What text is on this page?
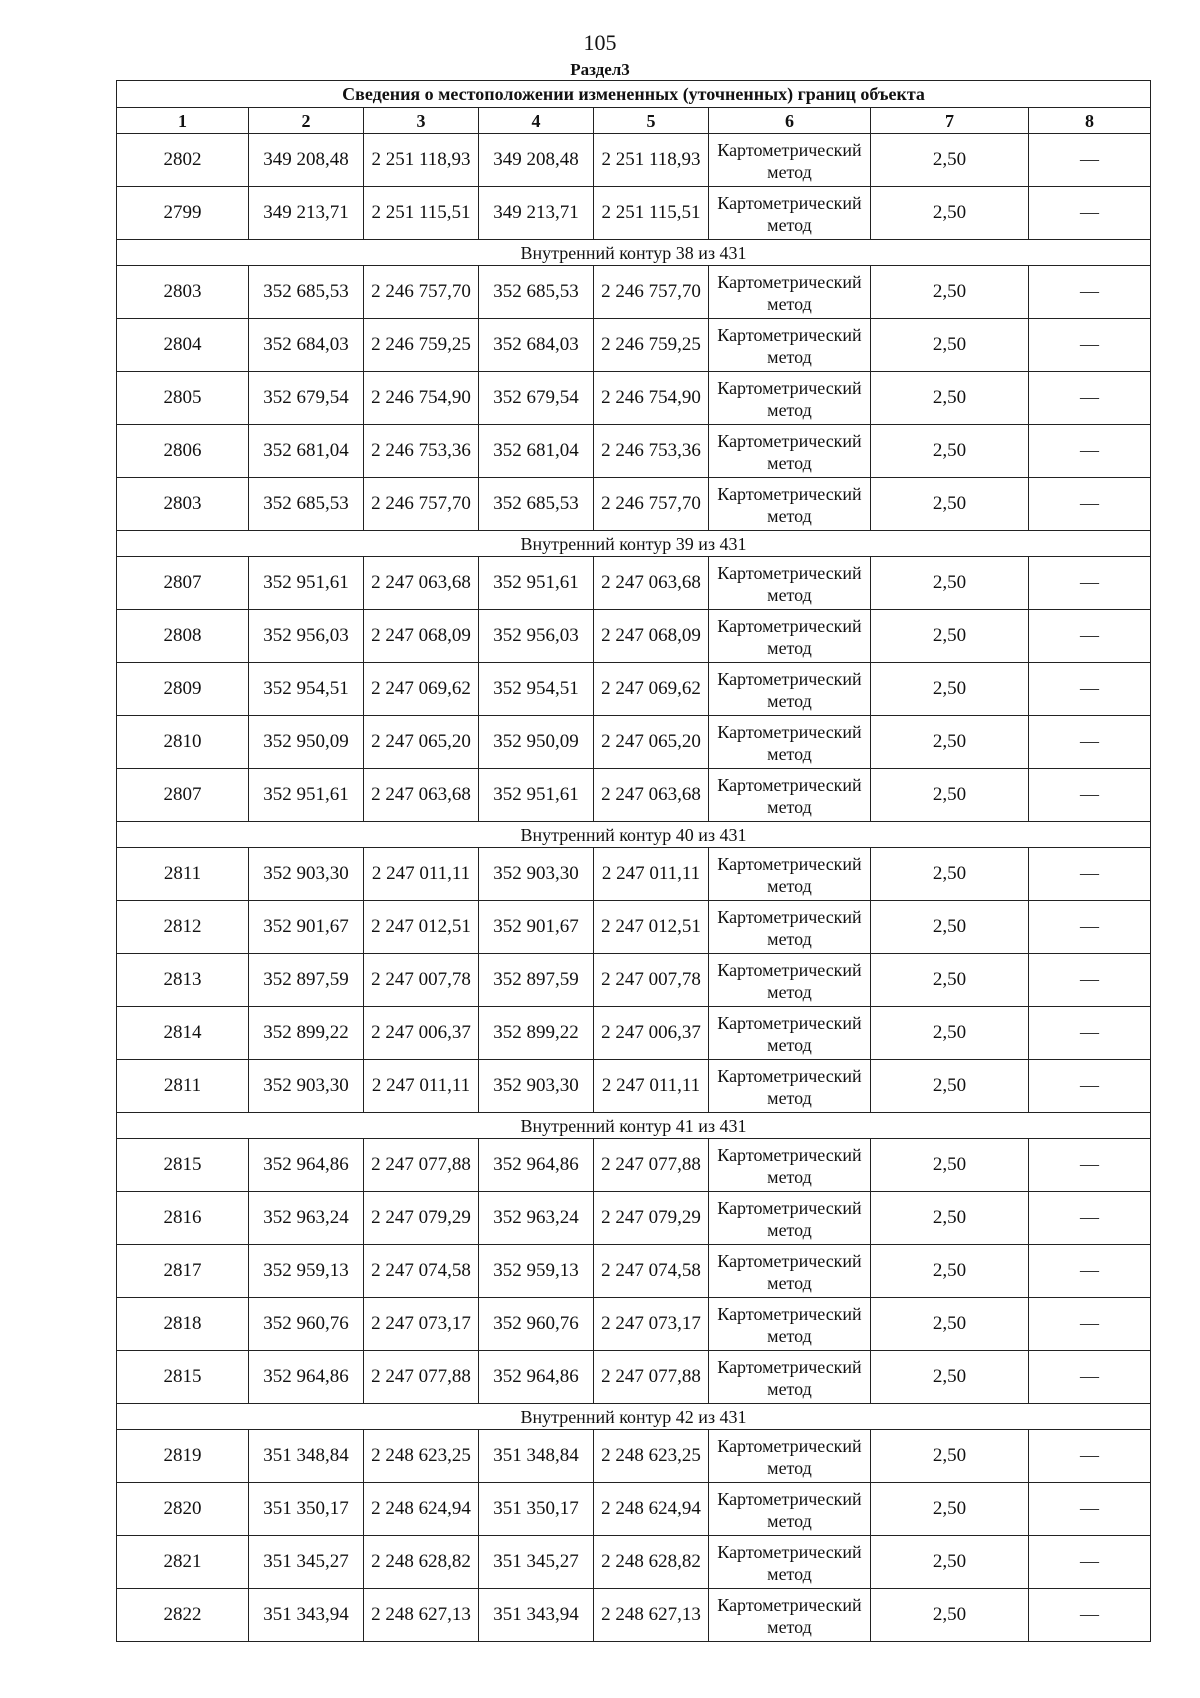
105
Раздел3
Сведения о местоположении измененных (уточненных) границ объекта							
1	2	3	4	5	6	7	8
2802	349 208,48	2 251 118,93	349 208,48	2 251 118,93	Картометрический метод	2,50	—
2799	349 213,71	2 251 115,51	349 213,71	2 251 115,51	Картометрический метод	2,50	—
Внутренний контур 38 из 431							
2803	352 685,53	2 246 757,70	352 685,53	2 246 757,70	Картометрический метод	2,50	—
2804	352 684,03	2 246 759,25	352 684,03	2 246 759,25	Картометрический метод	2,50	—
2805	352 679,54	2 246 754,90	352 679,54	2 246 754,90	Картометрический метод	2,50	—
2806	352 681,04	2 246 753,36	352 681,04	2 246 753,36	Картометрический метод	2,50	—
2803	352 685,53	2 246 757,70	352 685,53	2 246 757,70	Картометрический метод	2,50	—
Внутренний контур 39 из 431							
2807	352 951,61	2 247 063,68	352 951,61	2 247 063,68	Картометрический метод	2,50	—
2808	352 956,03	2 247 068,09	352 956,03	2 247 068,09	Картометрический метод	2,50	—
2809	352 954,51	2 247 069,62	352 954,51	2 247 069,62	Картометрический метод	2,50	—
2810	352 950,09	2 247 065,20	352 950,09	2 247 065,20	Картометрический метод	2,50	—
2807	352 951,61	2 247 063,68	352 951,61	2 247 063,68	Картометрический метод	2,50	—
Внутренний контур 40 из 431							
2811	352 903,30	2 247 011,11	352 903,30	2 247 011,11	Картометрический метод	2,50	—
2812	352 901,67	2 247 012,51	352 901,67	2 247 012,51	Картометрический метод	2,50	—
2813	352 897,59	2 247 007,78	352 897,59	2 247 007,78	Картометрический метод	2,50	—
2814	352 899,22	2 247 006,37	352 899,22	2 247 006,37	Картометрический метод	2,50	—
2811	352 903,30	2 247 011,11	352 903,30	2 247 011,11	Картометрический метод	2,50	—
Внутренний контур 41 из 431							
2815	352 964,86	2 247 077,88	352 964,86	2 247 077,88	Картометрический метод	2,50	—
2816	352 963,24	2 247 079,29	352 963,24	2 247 079,29	Картометрический метод	2,50	—
2817	352 959,13	2 247 074,58	352 959,13	2 247 074,58	Картометрический метод	2,50	—
2818	352 960,76	2 247 073,17	352 960,76	2 247 073,17	Картометрический метод	2,50	—
2815	352 964,86	2 247 077,88	352 964,86	2 247 077,88	Картометрический метод	2,50	—
Внутренний контур 42 из 431							
2819	351 348,84	2 248 623,25	351 348,84	2 248 623,25	Картометрический метод	2,50	—
2820	351 350,17	2 248 624,94	351 350,17	2 248 624,94	Картометрический метод	2,50	—
2821	351 345,27	2 248 628,82	351 345,27	2 248 628,82	Картометрический метод	2,50	—
2822	351 343,94	2 248 627,13	351 343,94	2 248 627,13	Картометрический метод	2,50	—
